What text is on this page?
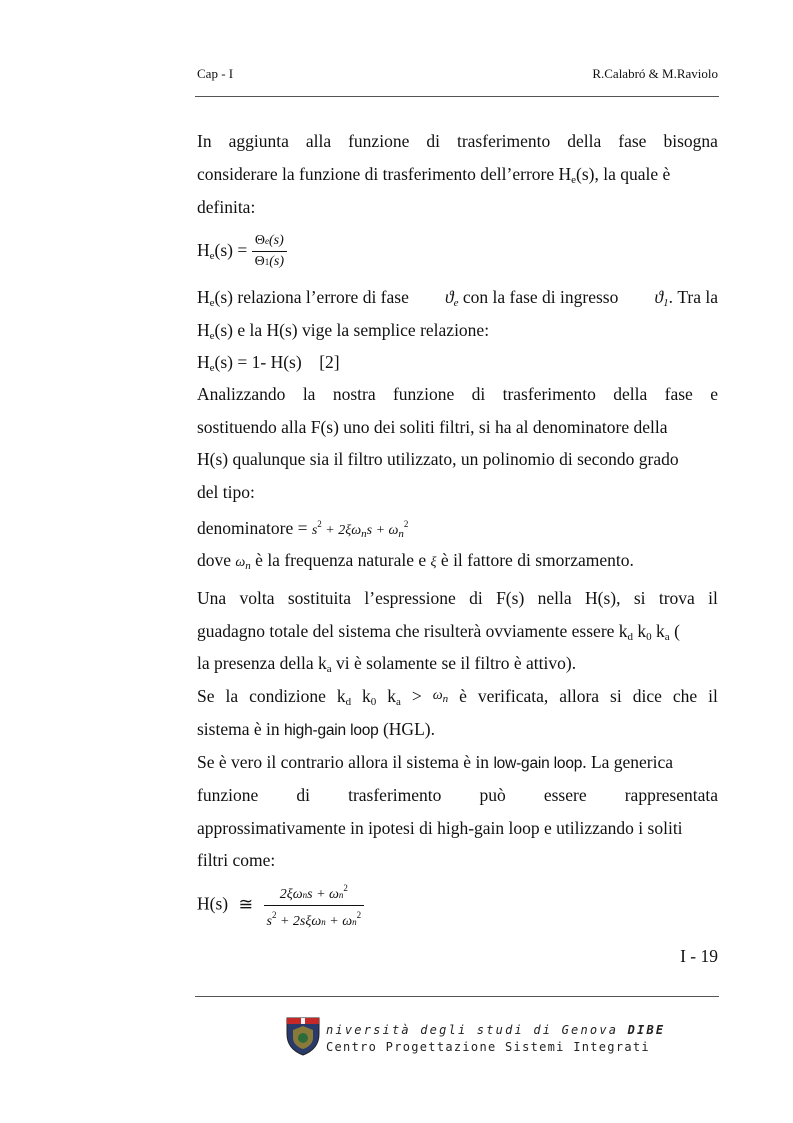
Cap - I	R.Calabró & M.Raviolo
In aggiunta alla funzione di trasferimento della fase bisogna
considerare la funzione di trasferimento dell’errore $H_e(s)$, la quale è
definita:
$H_e(s) = \frac{\Theta e(s)}{\Theta 1(s)}$
$H_e(s)$ relaziona l’errore di fase $ϑ_e$ con la fase di ingresso $ϑ_1$. Tra la
$H_e(s)$ e la H(s) vige la semplice relazione:
$H_e(s) = 1-$ H(s) [2]
Analizzando la nostra funzione di trasferimento della fase e
sostituendo alla F(s) uno dei soliti filtri, si ha al denominatore della
H(s) qualunque sia il filtro utilizzato, un polinomio di secondo grado
del tipo:
denominatore = $s^2 + 2\xi\omega_ns + \omega_n^2$
dove $\omega_n$ è la frequenza naturale e ξ è il fattore di smorzamento.
Una volta sostituita l’espressione di F(s) nella H(s), si trova il
guadagno totale del sistema che risulterà ovviamente essere $k_d$ $k_0$ $k_a$ (
la presenza della $k_a$ vi è solamente se il filtro è attivo).
Se la condizione $k_d$ $k_0$ $k_a > \omega_n$ è verificata, allora si dice che il
sistema è in high-gain loop (HGL).
Se è vero il contrario allora il sistema è in low-gain loop. La generica
funzione di trasferimento può essere rappresentata
approssimativamente in ipotesi di high-gain loop e utilizzando i soliti
filtri come:
H(s) ≅ $\frac{2\xi\omega ns + \omega n^2}{s^2 + 2s\xi\omega n + \omega n^2}$
I - 19
niversità degli studi di Genova DIBE
Centro Progettazione Sistemi Integrati
